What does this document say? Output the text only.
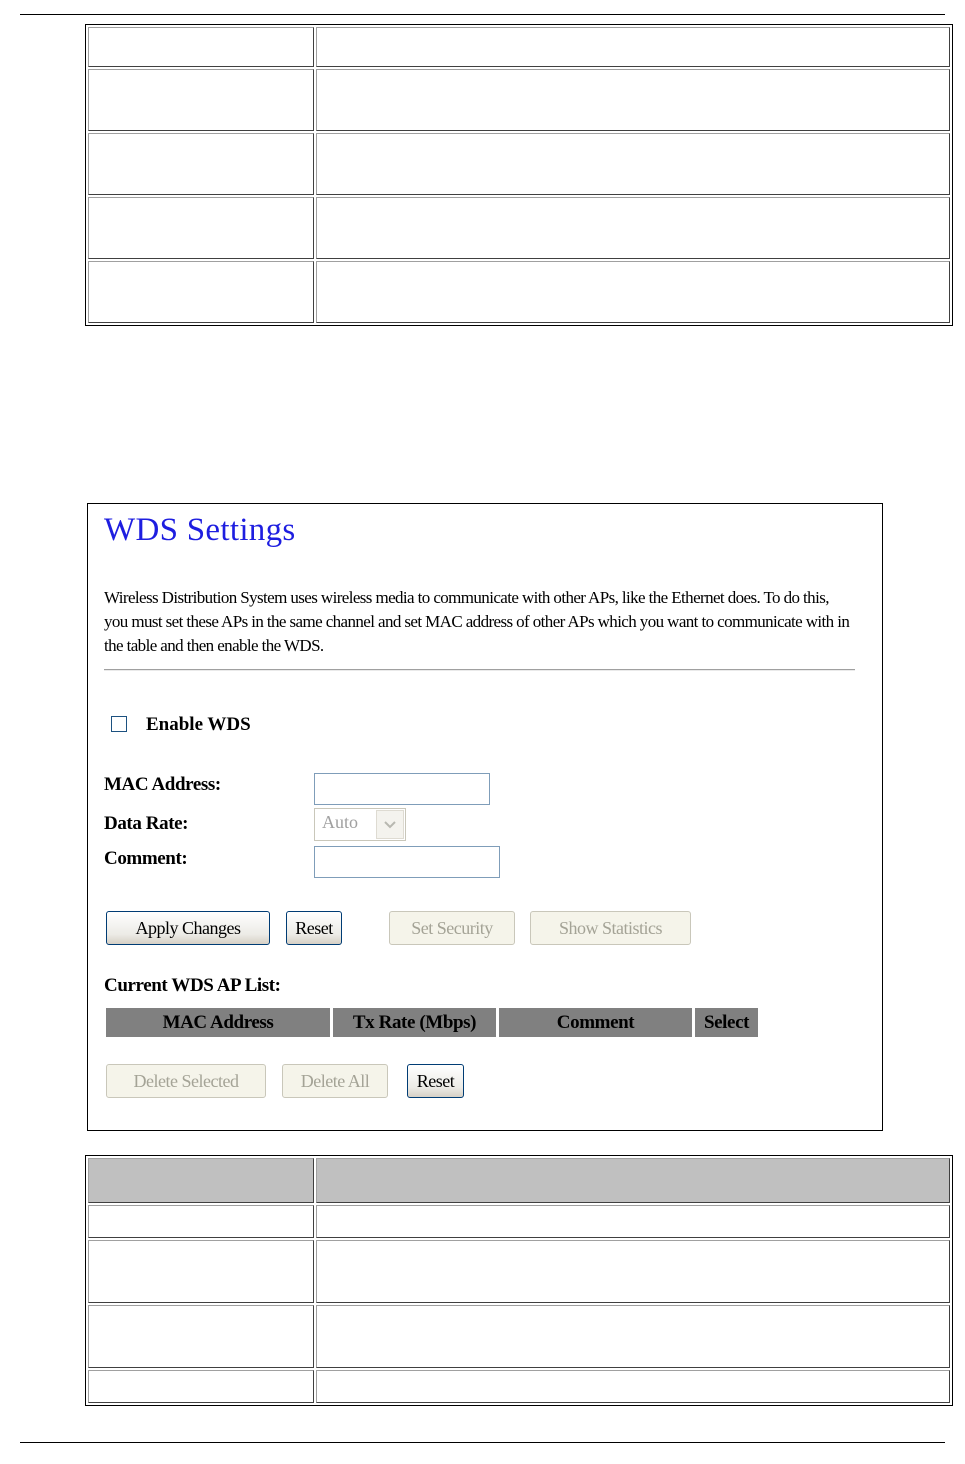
WDS Settings
Wireless Distribution System uses wireless media to communicate with other APs, like the Ethernet does. To do this, you must set these APs in the same channel and set MAC address of other APs which you want to communicate with in the table and then enable the WDS.
Enable WDS
MAC Address:
Data Rate:	Auto
Comment:
Apply Changes	Reset	Set Security	Show Statistics
Current WDS AP List:
MAC Address	Tx Rate (Mbps)	Comment	Select
Delete Selected	Delete All	Reset
